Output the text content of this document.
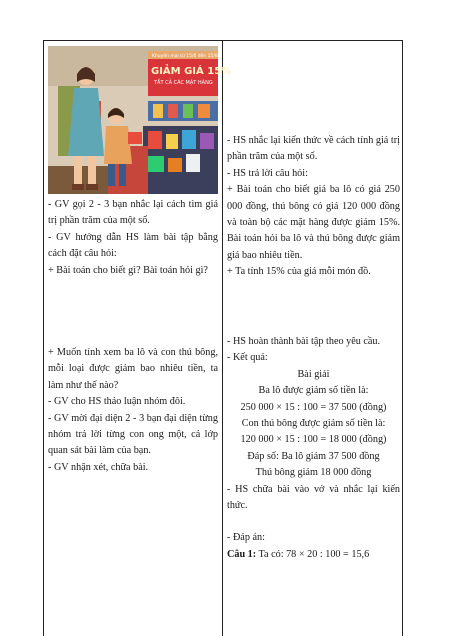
Khuyến mại từ 15/6 đến 15/8
GIẢM GIÁ 15%
TẤT CẢ CÁC MẶT HÀNG

- GV gọi 2 - 3 bạn nhắc lại cách tìm giá trị phần trăm của một số.

- GV hướng dẫn HS làm bài tập bằng cách đặt câu hỏi:

+ Bài toán cho biết gì? Bài toán hỏi gì?

+ Muốn tính xem ba lô và con thú bông, mỗi loại được giảm bao nhiêu tiền, ta làm như thế nào?

- GV cho HS thảo luận nhóm đôi.

- GV mời đại diện 2 - 3 bạn đại diện từng nhóm trả lời từng con ong một, cả lớp quan sát bài làm của bạn.

- GV nhận xét, chữa bài.

- HS nhắc lại kiến thức về cách tính giá trị phần trăm của một số.

- HS trả lời câu hỏi:

+ Bài toán cho biết giá ba lô có giá 250 000 đồng, thú bông có giá 120 000 đồng và toàn bộ các mặt hàng được giảm 15%. Bài toán hỏi ba lô và thú bông được giảm giá bao nhiêu tiền.

+ Ta tính 15% của giá mỗi món đồ.

- HS hoàn thành bài tập theo yêu cầu.

- Kết quả:

Bài giải

Ba lô được giảm số tiền là:

250 000 × 15 : 100 = 37 500 (đồng)

Con thú bông được giảm số tiền là:

120 000 × 15 : 100 = 18 000 (đồng)

Đáp số: Ba lô giảm 37 500 đồng

Thú bông giảm 18 000 đồng

- HS chữa bài vào vở và nhắc lại kiến thức.

- Đáp án:

Câu 1: Ta có: 78 × 20 : 100 = 15,6
